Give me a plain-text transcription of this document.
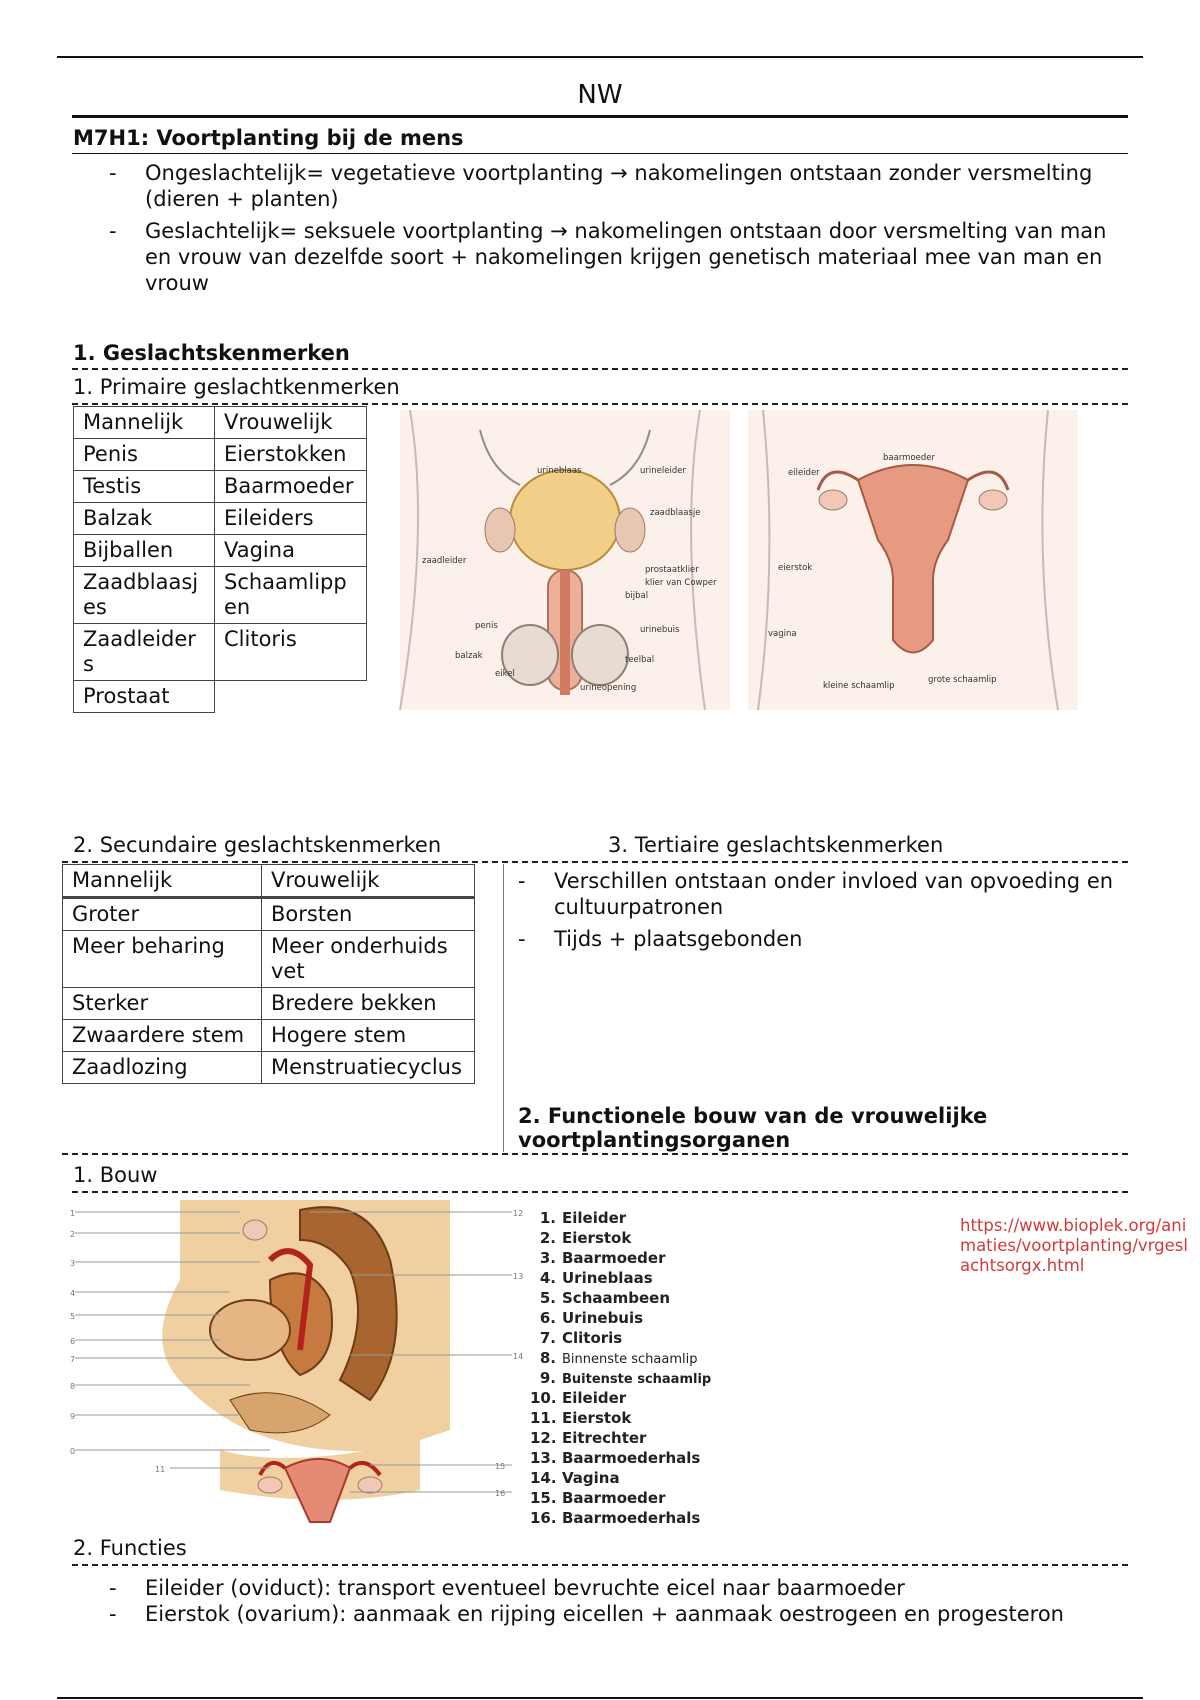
NW
M7H1: Voortplanting bij de mens
- Ongeslachtelijk= vegetatieve voortplanting → nakomelingen ontstaan zonder versmelting (dieren + planten)
- Geslachtelijk= seksuele voortplanting → nakomelingen ontstaan door versmelting van man en vrouw van dezelfde soort + nakomelingen krijgen genetisch materiaal mee van man en vrouw
1. Geslachtskenmerken
1. Primaire geslachtkenmerken
Mannelijk	Vrouwelijk
Penis	Eierstokken
Testis	Baarmoeder
Balzak	Eileiders
Bijballen	Vagina
Zaadblaasjes	Schaamlippen
Zaadleiders	Clitoris
Prostaat	
urineblaas	urineleider
zaadblaasje
zaadleider
prostaatklier
klier van Cowper
bijbal
penis	urinebuis
balzak	teelbal
eikel
urineopening
eileider
baarmoeder
eierstok
vagina
kleine schaamlip
grote schaamlip
2. Secundaire geslachtskenmerken	3. Tertiaire geslachtskenmerken
Mannelijk	Vrouwelijk
Groter	Borsten
Meer beharing	Meer onderhuids vet
Sterker	Bredere bekken
Zwaardere stem	Hogere stem
Zaadlozing	Menstruatiecyclus
- Verschillen ontstaan onder invloed van opvoeding en cultuurpatronen
- Tijds + plaatsgebonden
2. Functionele bouw van de vrouwelijke voortplantingsorganen
1. Bouw
1
2
3
4
5
6
7
8
9
0
11
12
13
14
15
16
1. Eileider
2. Eierstok
3. Baarmoeder
4. Urineblaas
5. Schaambeen
6. Urinebuis
7. Clitoris
8. Binnenste schaamlip
9. Buitenste schaamlip
10. Eileider
11. Eierstok
12. Eitrechter
13. Baarmoederhals
14. Vagina
15. Baarmoeder
16. Baarmoederhals
https://www.bioplek.org/animaties/voortplanting/vrgeslachtsorgx.html
2. Functies
- Eileider (oviduct): transport eventueel bevruchte eicel naar baarmoeder
- Eierstok (ovarium): aanmaak en rijping eicellen + aanmaak oestrogeen en progesteron
